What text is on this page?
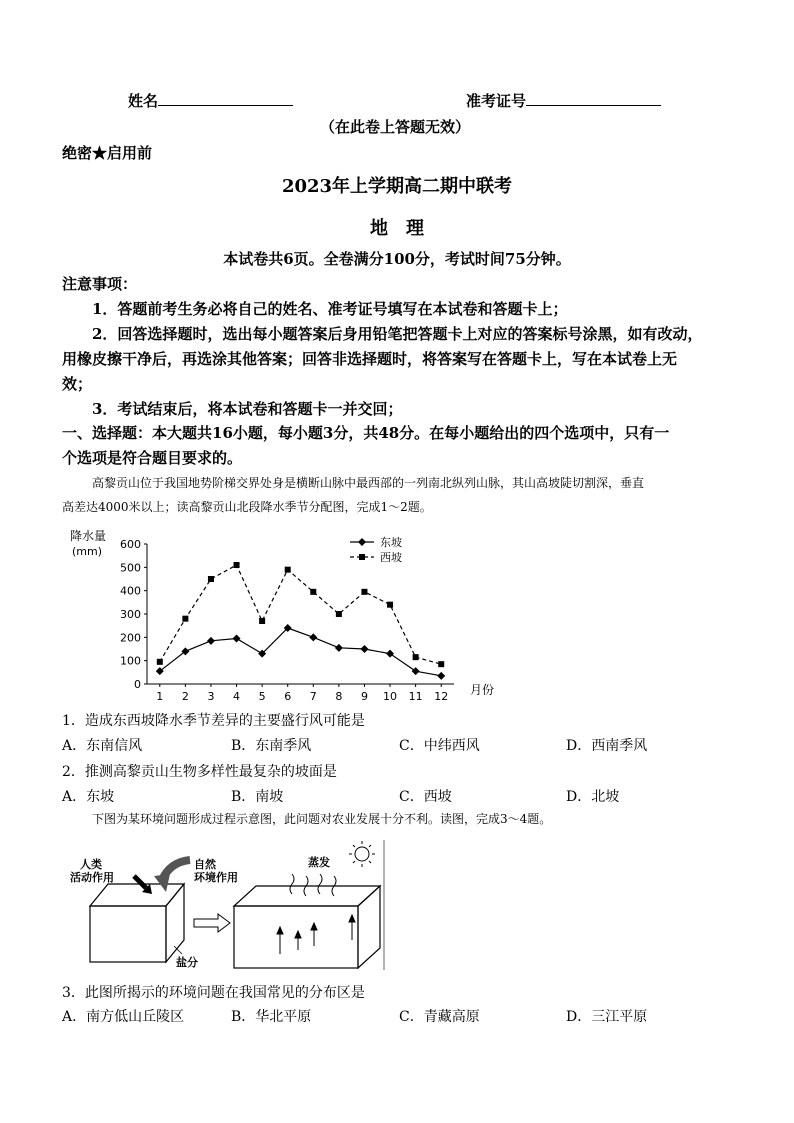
姓名	准考证号
（在此卷上答题无效）
绝密★启用前
2023年上学期高二期中联考
地　理
本试卷共6页。全卷满分100分，考试时间75分钟。
注意事项：
1．答题前考生务必将自己的姓名、准考证号填写在本试卷和答题卡上；
2．回答选择题时，选出每小题答案后身用铅笔把答题卡上对应的答案标号涂黑，如有改动，
用橡皮擦干净后，再选涂其他答案；回答非选择题时，将答案写在答题卡上，写在本试卷上无
效；
3．考试结束后，将本试卷和答题卡一并交回；
一、选择题：本大题共16小题，每小题3分，共48分。在每小题给出的四个选项中，只有一
个选项是符合题目要求的。
高黎贡山位于我国地势阶梯交界处身是横断山脉中最西部的一列南北纵列山脉，其山高坡陡切割深，垂直
高差达4000米以上；读高黎贡山北段降水季节分配图，完成1～2题。
降水量
(mm)
0
100
200
300
400
500
600
1 2 3 4 5 6 7 8 9 10 11 12 月份
东坡
西坡
1．造成东西坡降水季节差异的主要盛行风可能是
A．东南信风	B．东南季风	C．中纬西风	D．西南季风
2．推测高黎贡山生物多样性最复杂的坡面是
A．东坡	B．南坡	C．西坡	D．北坡
下图为某环境问题形成过程示意图，此问题对农业发展十分不利。读图，完成3～4题。
人类
活动作用
自然
环境作用
盐分
蒸发
3．此图所揭示的环境问题在我国常见的分布区是
A．南方低山丘陵区	B．华北平原	C．青藏高原	D．三江平原
